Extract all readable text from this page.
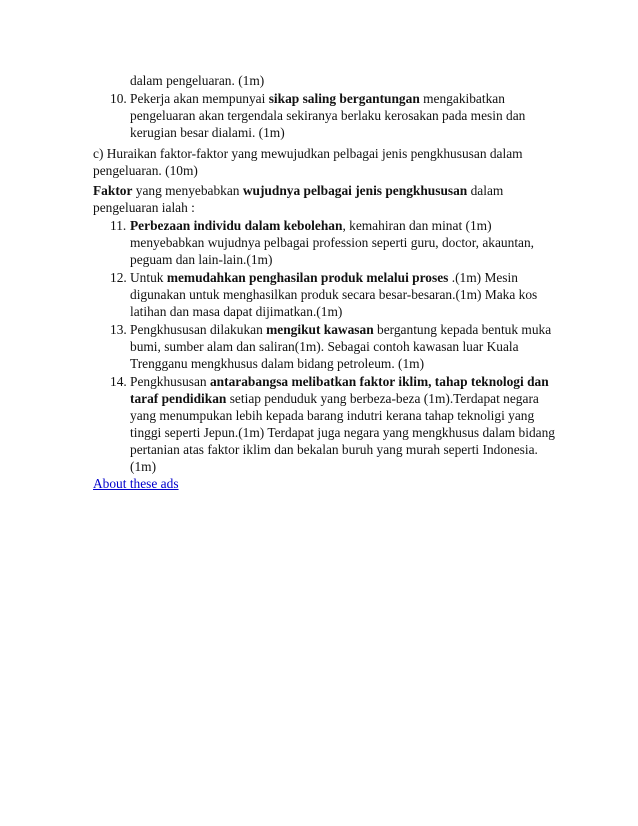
dalam pengeluaran. (1m)
10. Pekerja akan mempunyai sikap saling bergantungan mengakibatkan pengeluaran akan tergendala sekiranya berlaku kerosakan pada mesin dan kerugian besar dialami. (1m)
c) Huraikan faktor-faktor yang mewujudkan pelbagai jenis pengkhususan dalam pengeluaran. (10m)
Faktor yang menyebabkan wujudnya pelbagai jenis pengkhususan dalam pengeluaran ialah :
11. Perbezaan individu dalam kebolehan, kemahiran dan minat (1m) menyebabkan wujudnya pelbagai profession seperti guru, doctor, akauntan, peguam dan lain-lain.(1m)
12. Untuk memudahkan penghasilan produk melalui proses .(1m) Mesin digunakan untuk menghasilkan produk secara besar-besaran.(1m) Maka kos latihan dan masa dapat dijimatkan.(1m)
13. Pengkhususan dilakukan mengikut kawasan bergantung kepada bentuk muka bumi, sumber alam dan saliran(1m). Sebagai contoh kawasan luar Kuala Trengganu mengkhusus dalam bidang petroleum. (1m)
14. Pengkhususan antarabangsa melibatkan faktor iklim, tahap teknologi dan taraf pendidikan setiap penduduk yang berbeza-beza (1m).Terdapat negara yang menumpukan lebih kepada barang indutri kerana tahap teknoligi yang tinggi seperti Jepun.(1m) Terdapat juga negara yang mengkhusus dalam bidang pertanian atas faktor iklim dan bekalan buruh yang murah seperti Indonesia. (1m)
About these ads
